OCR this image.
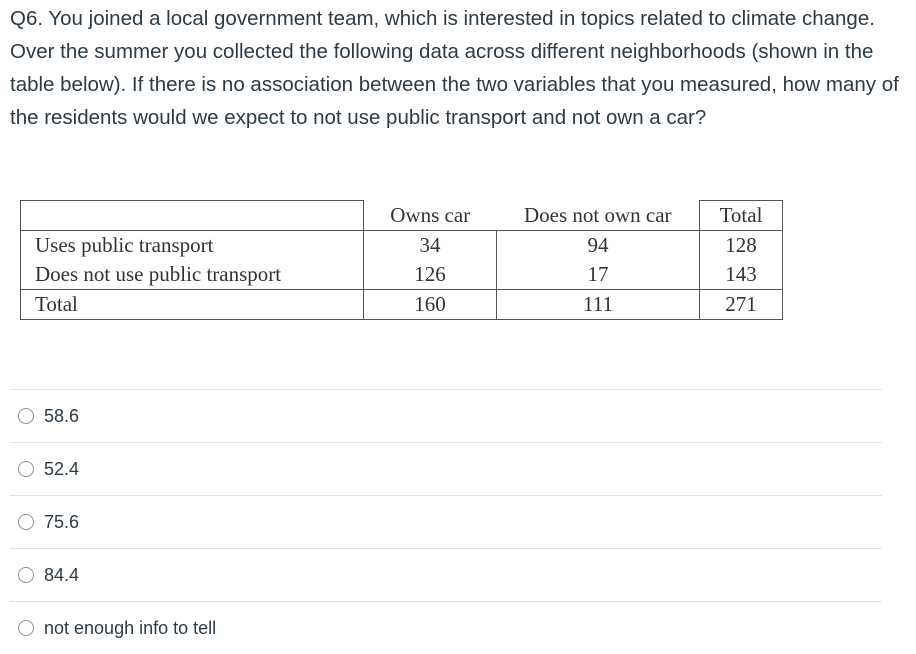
Q6. You joined a local government team, which is interested in topics related to climate change. Over the summer you collected the following data across different neighborhoods (shown in the table below). If there is no association between the two variables that you measured, how many of the residents would we expect to not use public transport and not own a car?

	Owns car	Does not own car	Total
Uses public transport	34	94	128
Does not use public transport	126	17	143
Total	160	111	271
58.6
52.4
75.6
84.4
not enough info to tell
